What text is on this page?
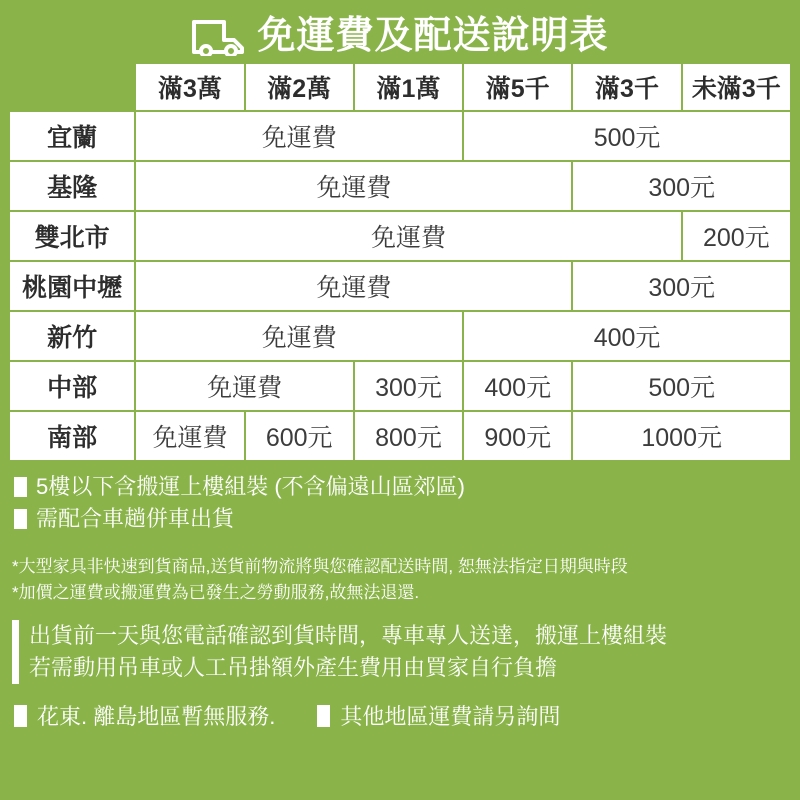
免運費及配送說明表
	滿3萬	滿2萬	滿1萬	滿5千	滿3千	未滿3千
宜蘭	免運費			500元		
基隆	免運費				300元	
雙北市	免運費					200元
桃園中壢	免運費				300元	
新竹	免運費			400元		
中部	免運費		300元	400元	500元	
南部	免運費	600元	800元	900元	1000元	
5樓以下含搬運上樓組裝 (不含偏遠山區郊區)
需配合車趟併車出貨
*大型家具非快速到貨商品,送貨前物流將與您確認配送時間, 恕無法指定日期與時段
*加價之運費或搬運費為已發生之勞動服務,故無法退還.
出貨前一天與您電話確認到貨時間，專車專人送達，搬運上樓組裝
若需動用吊車或人工吊掛額外產生費用由買家自行負擔
花東. 離島地區暫無服務.	其他地區運費請另詢問
